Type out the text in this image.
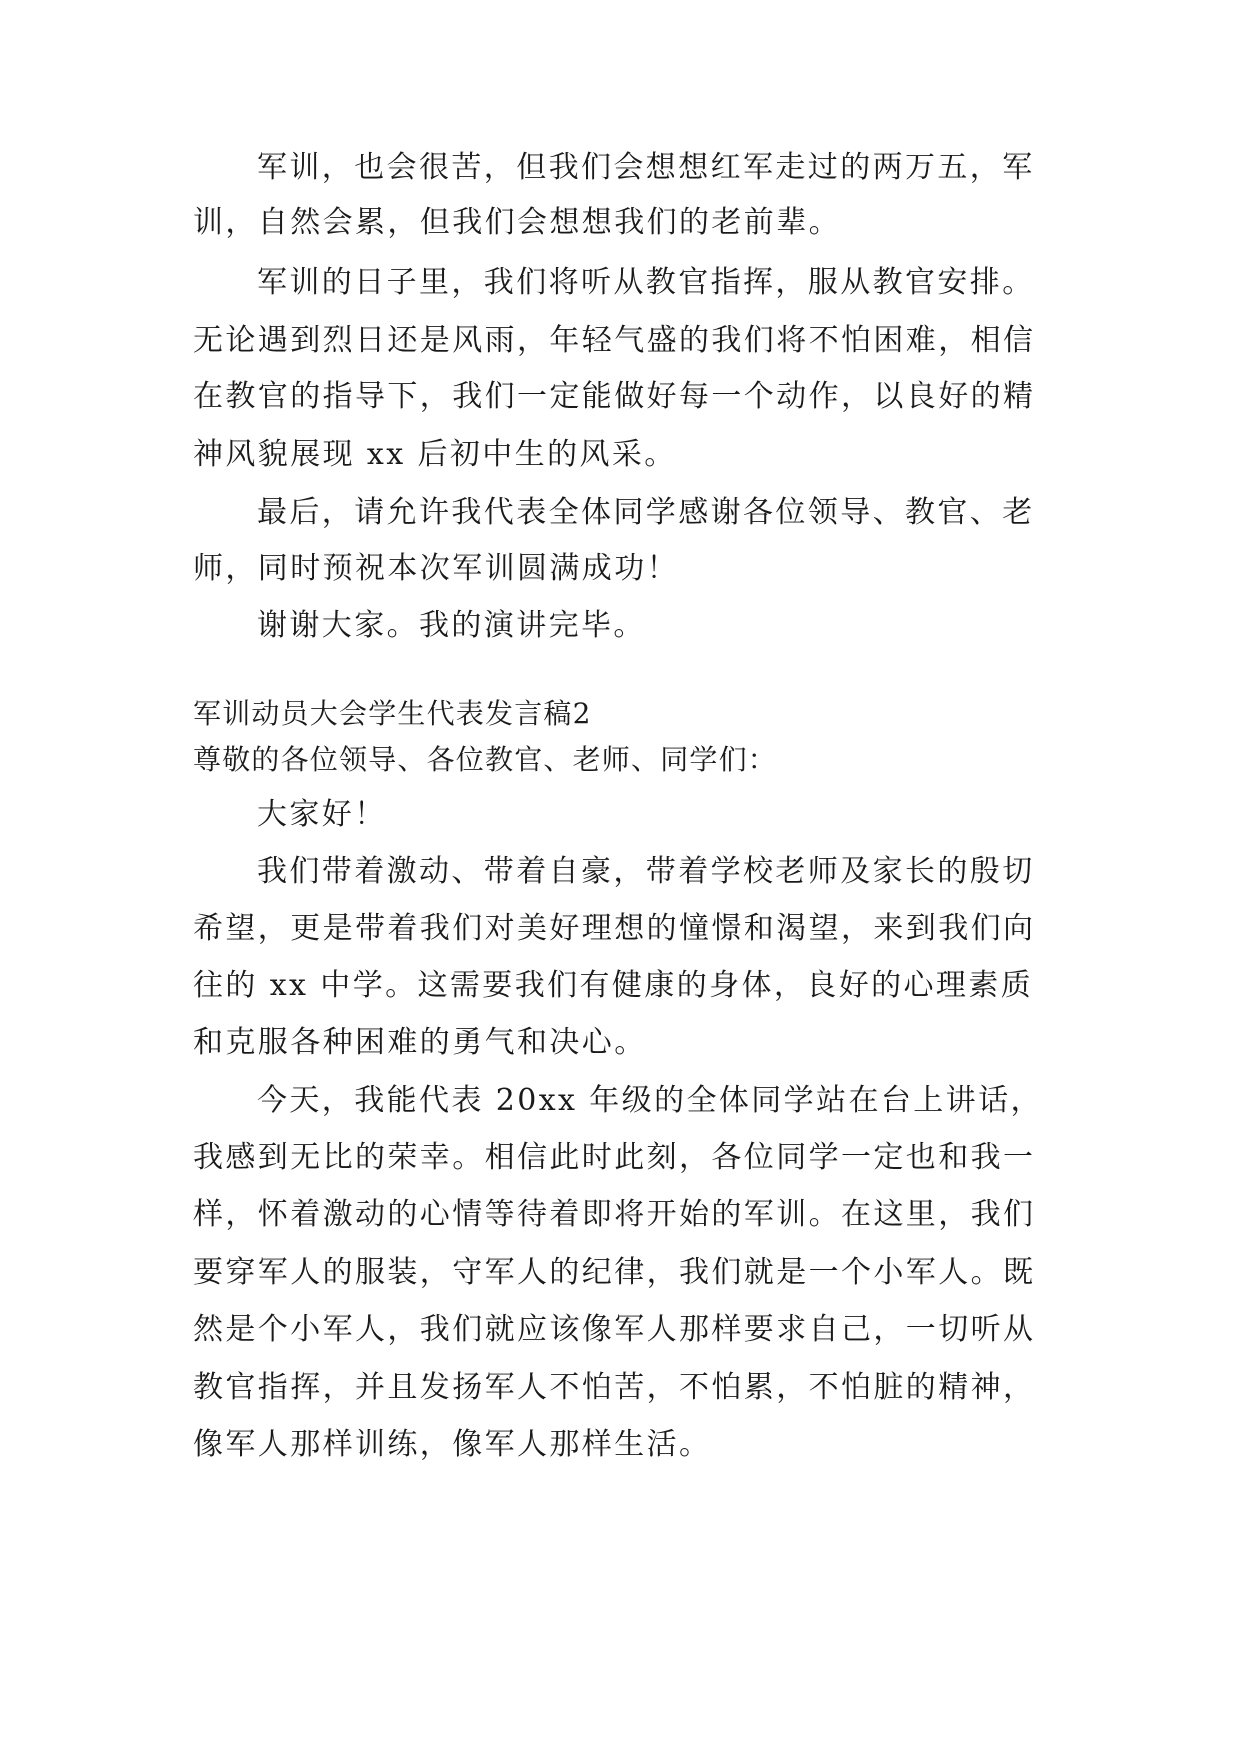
军训，也会很苦，但我们会想想红军走过的两万五，军
训，自然会累，但我们会想想我们的老前辈。
军训的日子里，我们将听从教官指挥，服从教官安排。
无论遇到烈日还是风雨，年轻气盛的我们将不怕困难，相信
在教官的指导下，我们一定能做好每一个动作，以良好的精
神风貌展现 xx 后初中生的风采。
最后，请允许我代表全体同学感谢各位领导、教官、老
师，同时预祝本次军训圆满成功！
谢谢大家。我的演讲完毕。
军训动员大会学生代表发言稿2
尊敬的各位领导、各位教官、老师、同学们：
大家好！
我们带着激动、带着自豪，带着学校老师及家长的殷切
希望，更是带着我们对美好理想的憧憬和渴望，来到我们向
往的 xx 中学。这需要我们有健康的身体，良好的心理素质
和克服各种困难的勇气和决心。
今天，我能代表 20xx 年级的全体同学站在台上讲话，
我感到无比的荣幸。相信此时此刻，各位同学一定也和我一
样，怀着激动的心情等待着即将开始的军训。在这里，我们
要穿军人的服装，守军人的纪律，我们就是一个小军人。既
然是个小军人，我们就应该像军人那样要求自己，一切听从
教官指挥，并且发扬军人不怕苦，不怕累，不怕脏的精神，
像军人那样训练，像军人那样生活。
